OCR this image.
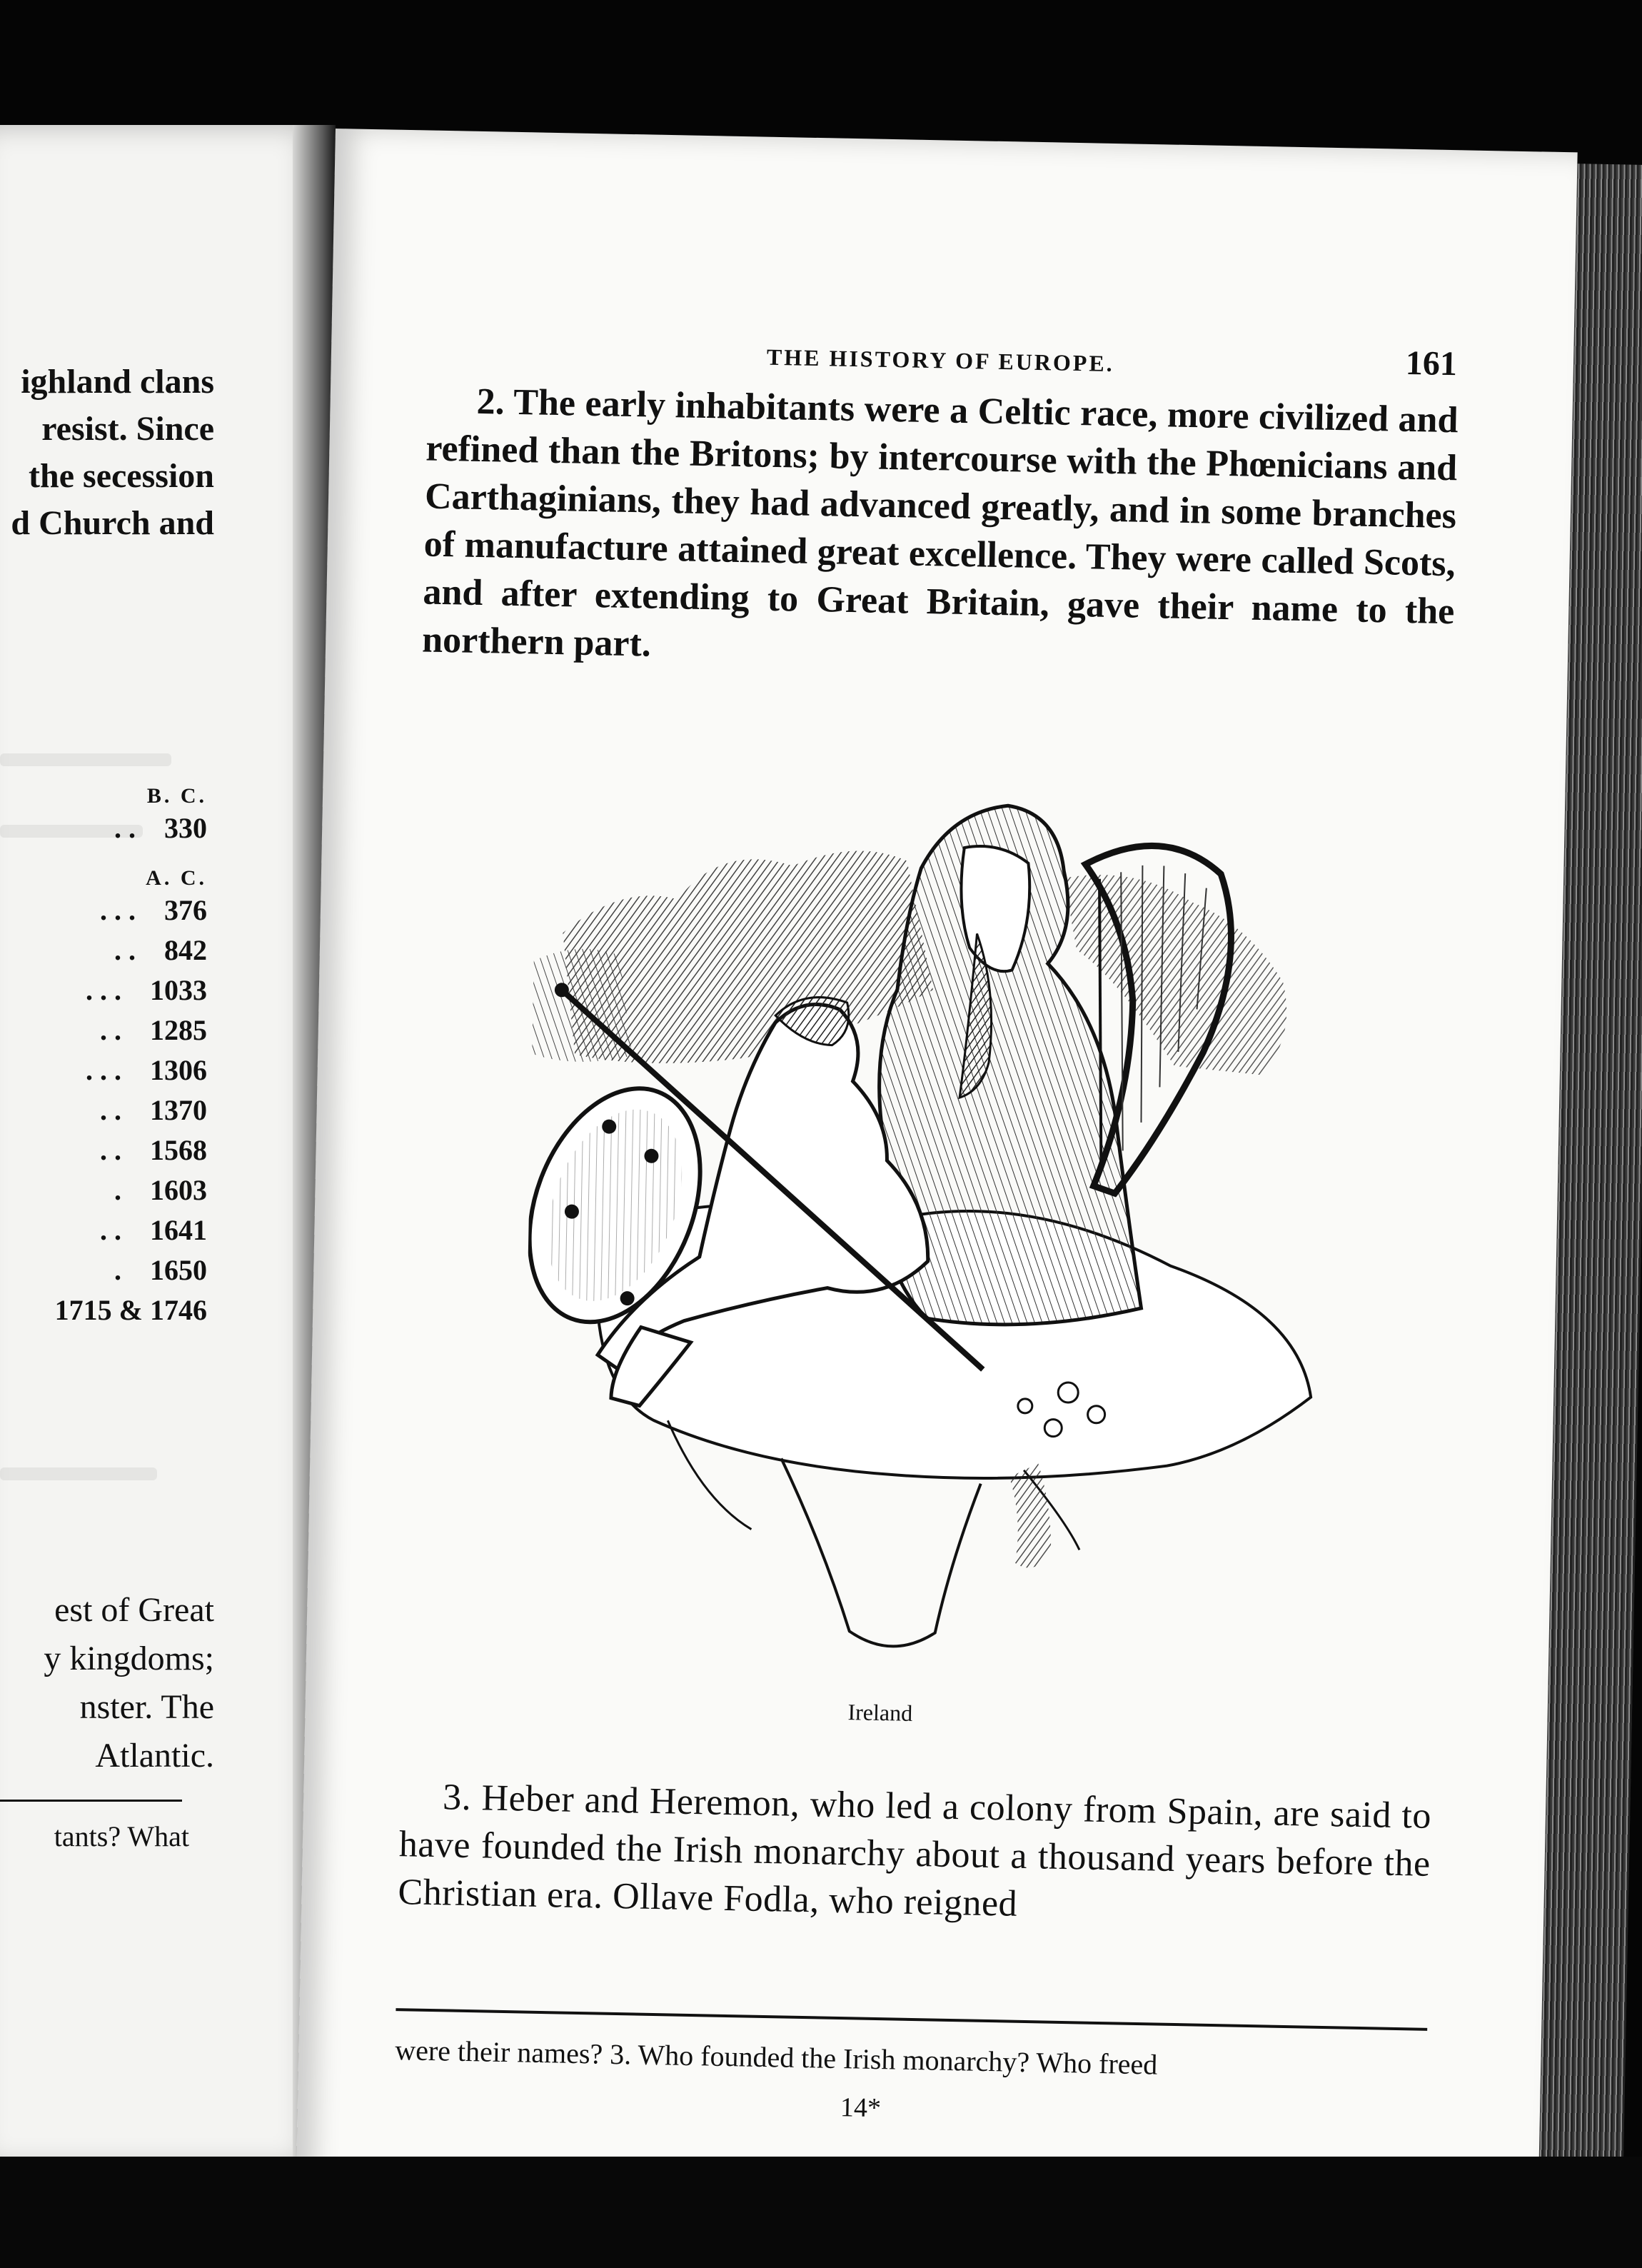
ighland clans
resist. Since
the secession
d Church and
B. C.
. . 330
A. C.
. . . 376
. . 842
. . . 1033
. . 1285
. . . 1306
. . 1370
. . 1568
. 1603
. . 1641
. 1650
1715 & 1746
est of Great
y kingdoms;
nster. The
Atlantic.
tants? What
THE HISTORY OF EUROPE.	161
2. The early inhabitants were a Celtic race, more civilized and refined than the Britons; by intercourse with the Phœnicians and Carthaginians, they had advanced greatly, and in some branches of manufacture attained great excellence. They were called Scots, and after extending to Great Britain, gave their name to the northern part.
Ireland
3. Heber and Heremon, who led a colony from Spain, are said to have founded the Irish monarchy about a thousand years before the Christian era. Ollave Fodla, who reigned
were their names? 3. Who founded the Irish monarchy? Who freed
14*
